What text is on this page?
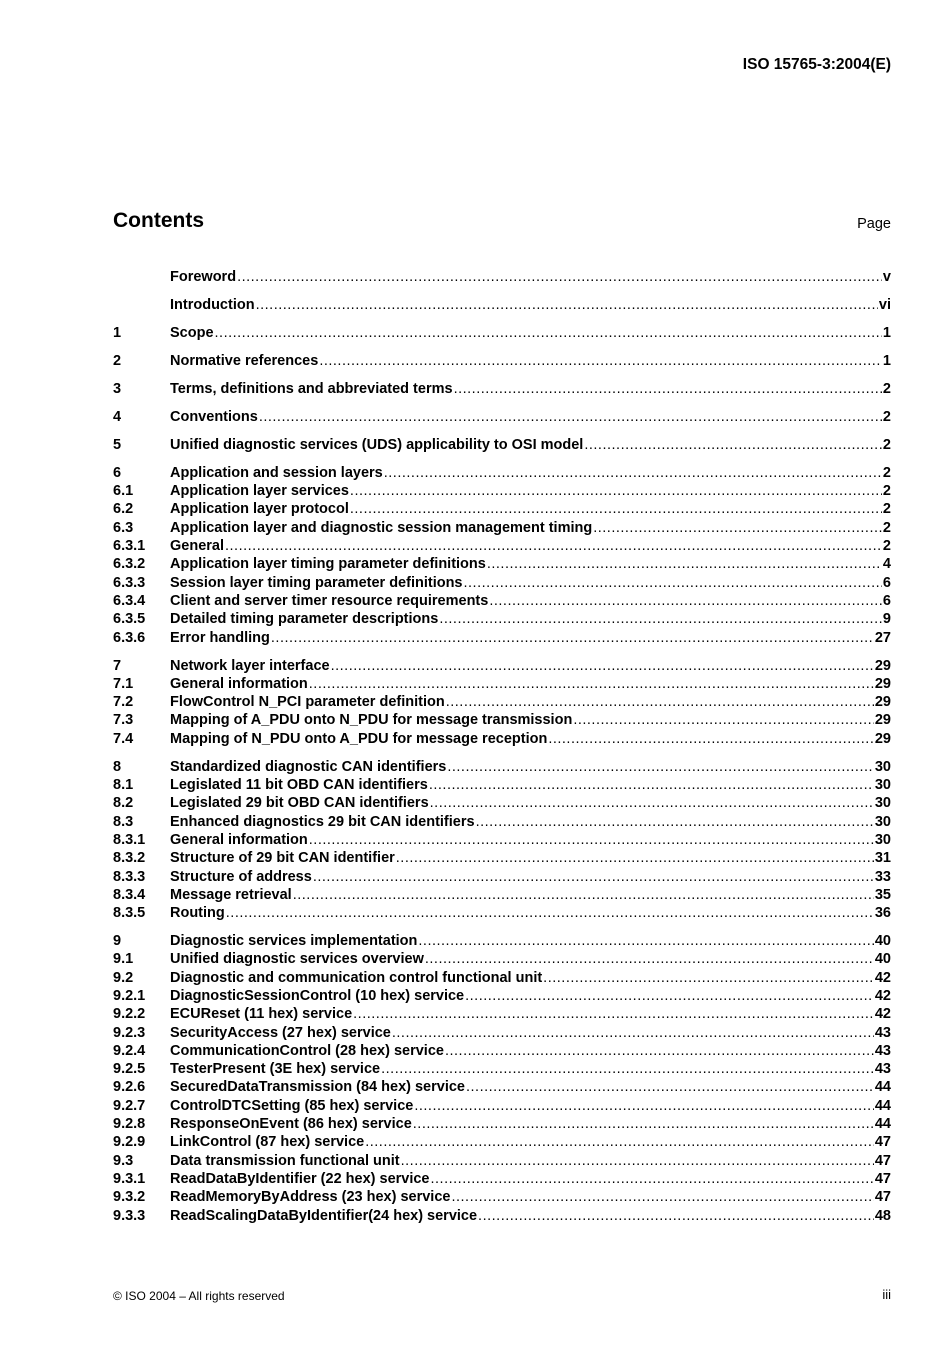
ISO 15765-3:2004(E)
Contents	Page
Foreword .....	v
Introduction .....	vi
1	Scope .....	1
2	Normative references .....	1
3	Terms, definitions and abbreviated terms .....	2
4	Conventions .....	2
5	Unified diagnostic services (UDS) applicability to OSI model .....	2
6	Application and session layers .....	2
6.1	Application layer services .....	2
6.2	Application layer protocol .....	2
6.3	Application layer and diagnostic session management timing .....	2
6.3.1	General .....	2
6.3.2	Application layer timing parameter definitions .....	4
6.3.3	Session layer timing parameter definitions .....	6
6.3.4	Client and server timer resource requirements .....	6
6.3.5	Detailed timing parameter descriptions .....	9
6.3.6	Error handling .....	27
7	Network layer interface .....	29
7.1	General information .....	29
7.2	FlowControl N_PCI parameter definition .....	29
7.3	Mapping of A_PDU onto N_PDU for message transmission .....	29
7.4	Mapping of N_PDU onto A_PDU for message reception .....	29
8	Standardized diagnostic CAN identifiers .....	30
8.1	Legislated 11 bit OBD CAN identifiers .....	30
8.2	Legislated 29 bit OBD CAN identifiers .....	30
8.3	Enhanced diagnostics 29 bit CAN identifiers .....	30
8.3.1	General information .....	30
8.3.2	Structure of 29 bit CAN identifier .....	31
8.3.3	Structure of address .....	33
8.3.4	Message retrieval .....	35
8.3.5	Routing .....	36
9	Diagnostic services implementation .....	40
9.1	Unified diagnostic services overview .....	40
9.2	Diagnostic and communication control functional unit .....	42
9.2.1	DiagnosticSessionControl (10 hex) service .....	42
9.2.2	ECUReset (11 hex) service .....	42
9.2.3	SecurityAccess (27 hex) service .....	43
9.2.4	CommunicationControl (28 hex) service .....	43
9.2.5	TesterPresent (3E hex) service .....	43
9.2.6	SecuredDataTransmission (84 hex) service .....	44
9.2.7	ControlDTCSetting (85 hex) service .....	44
9.2.8	ResponseOnEvent (86 hex) service .....	44
9.2.9	LinkControl (87 hex) service .....	47
9.3	Data transmission functional unit .....	47
9.3.1	ReadDataByIdentifier (22 hex) service .....	47
9.3.2	ReadMemoryByAddress (23 hex) service .....	47
9.3.3	ReadScalingDataByIdentifier(24 hex) service .....	48
© ISO 2004 – All rights reserved	iii
